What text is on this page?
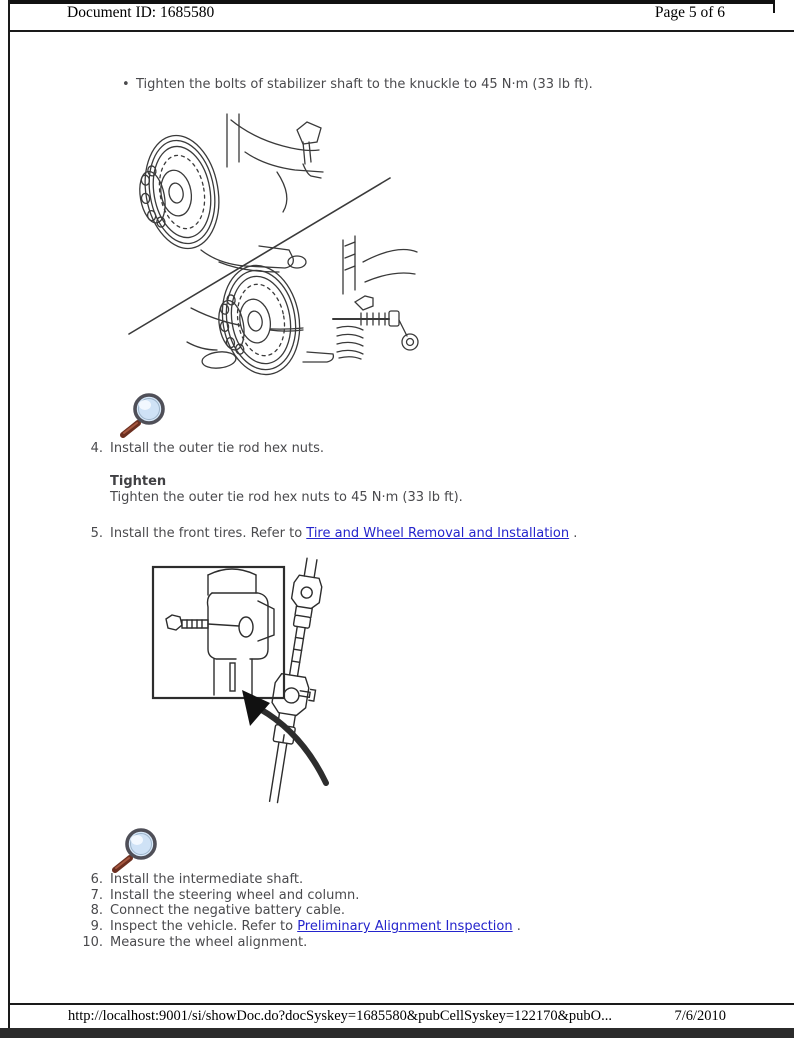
Document ID: 1685580	Page 5 of 6
• Tighten the bolts of stabilizer shaft to the knuckle to 45 N·m (33 lb ft).
4. Install the outer tie rod hex nuts.
Tighten
Tighten the outer tie rod hex nuts to 45 N·m (33 lb ft).
5. Install the front tires. Refer to Tire and Wheel Removal and Installation .
6. Install the intermediate shaft.
7. Install the steering wheel and column.
8. Connect the negative battery cable.
9. Inspect the vehicle. Refer to Preliminary Alignment Inspection .
10. Measure the wheel alignment.
http://localhost:9001/si/showDoc.do?docSyskey=1685580&pubCellSyskey=122170&pubO...	7/6/2010
